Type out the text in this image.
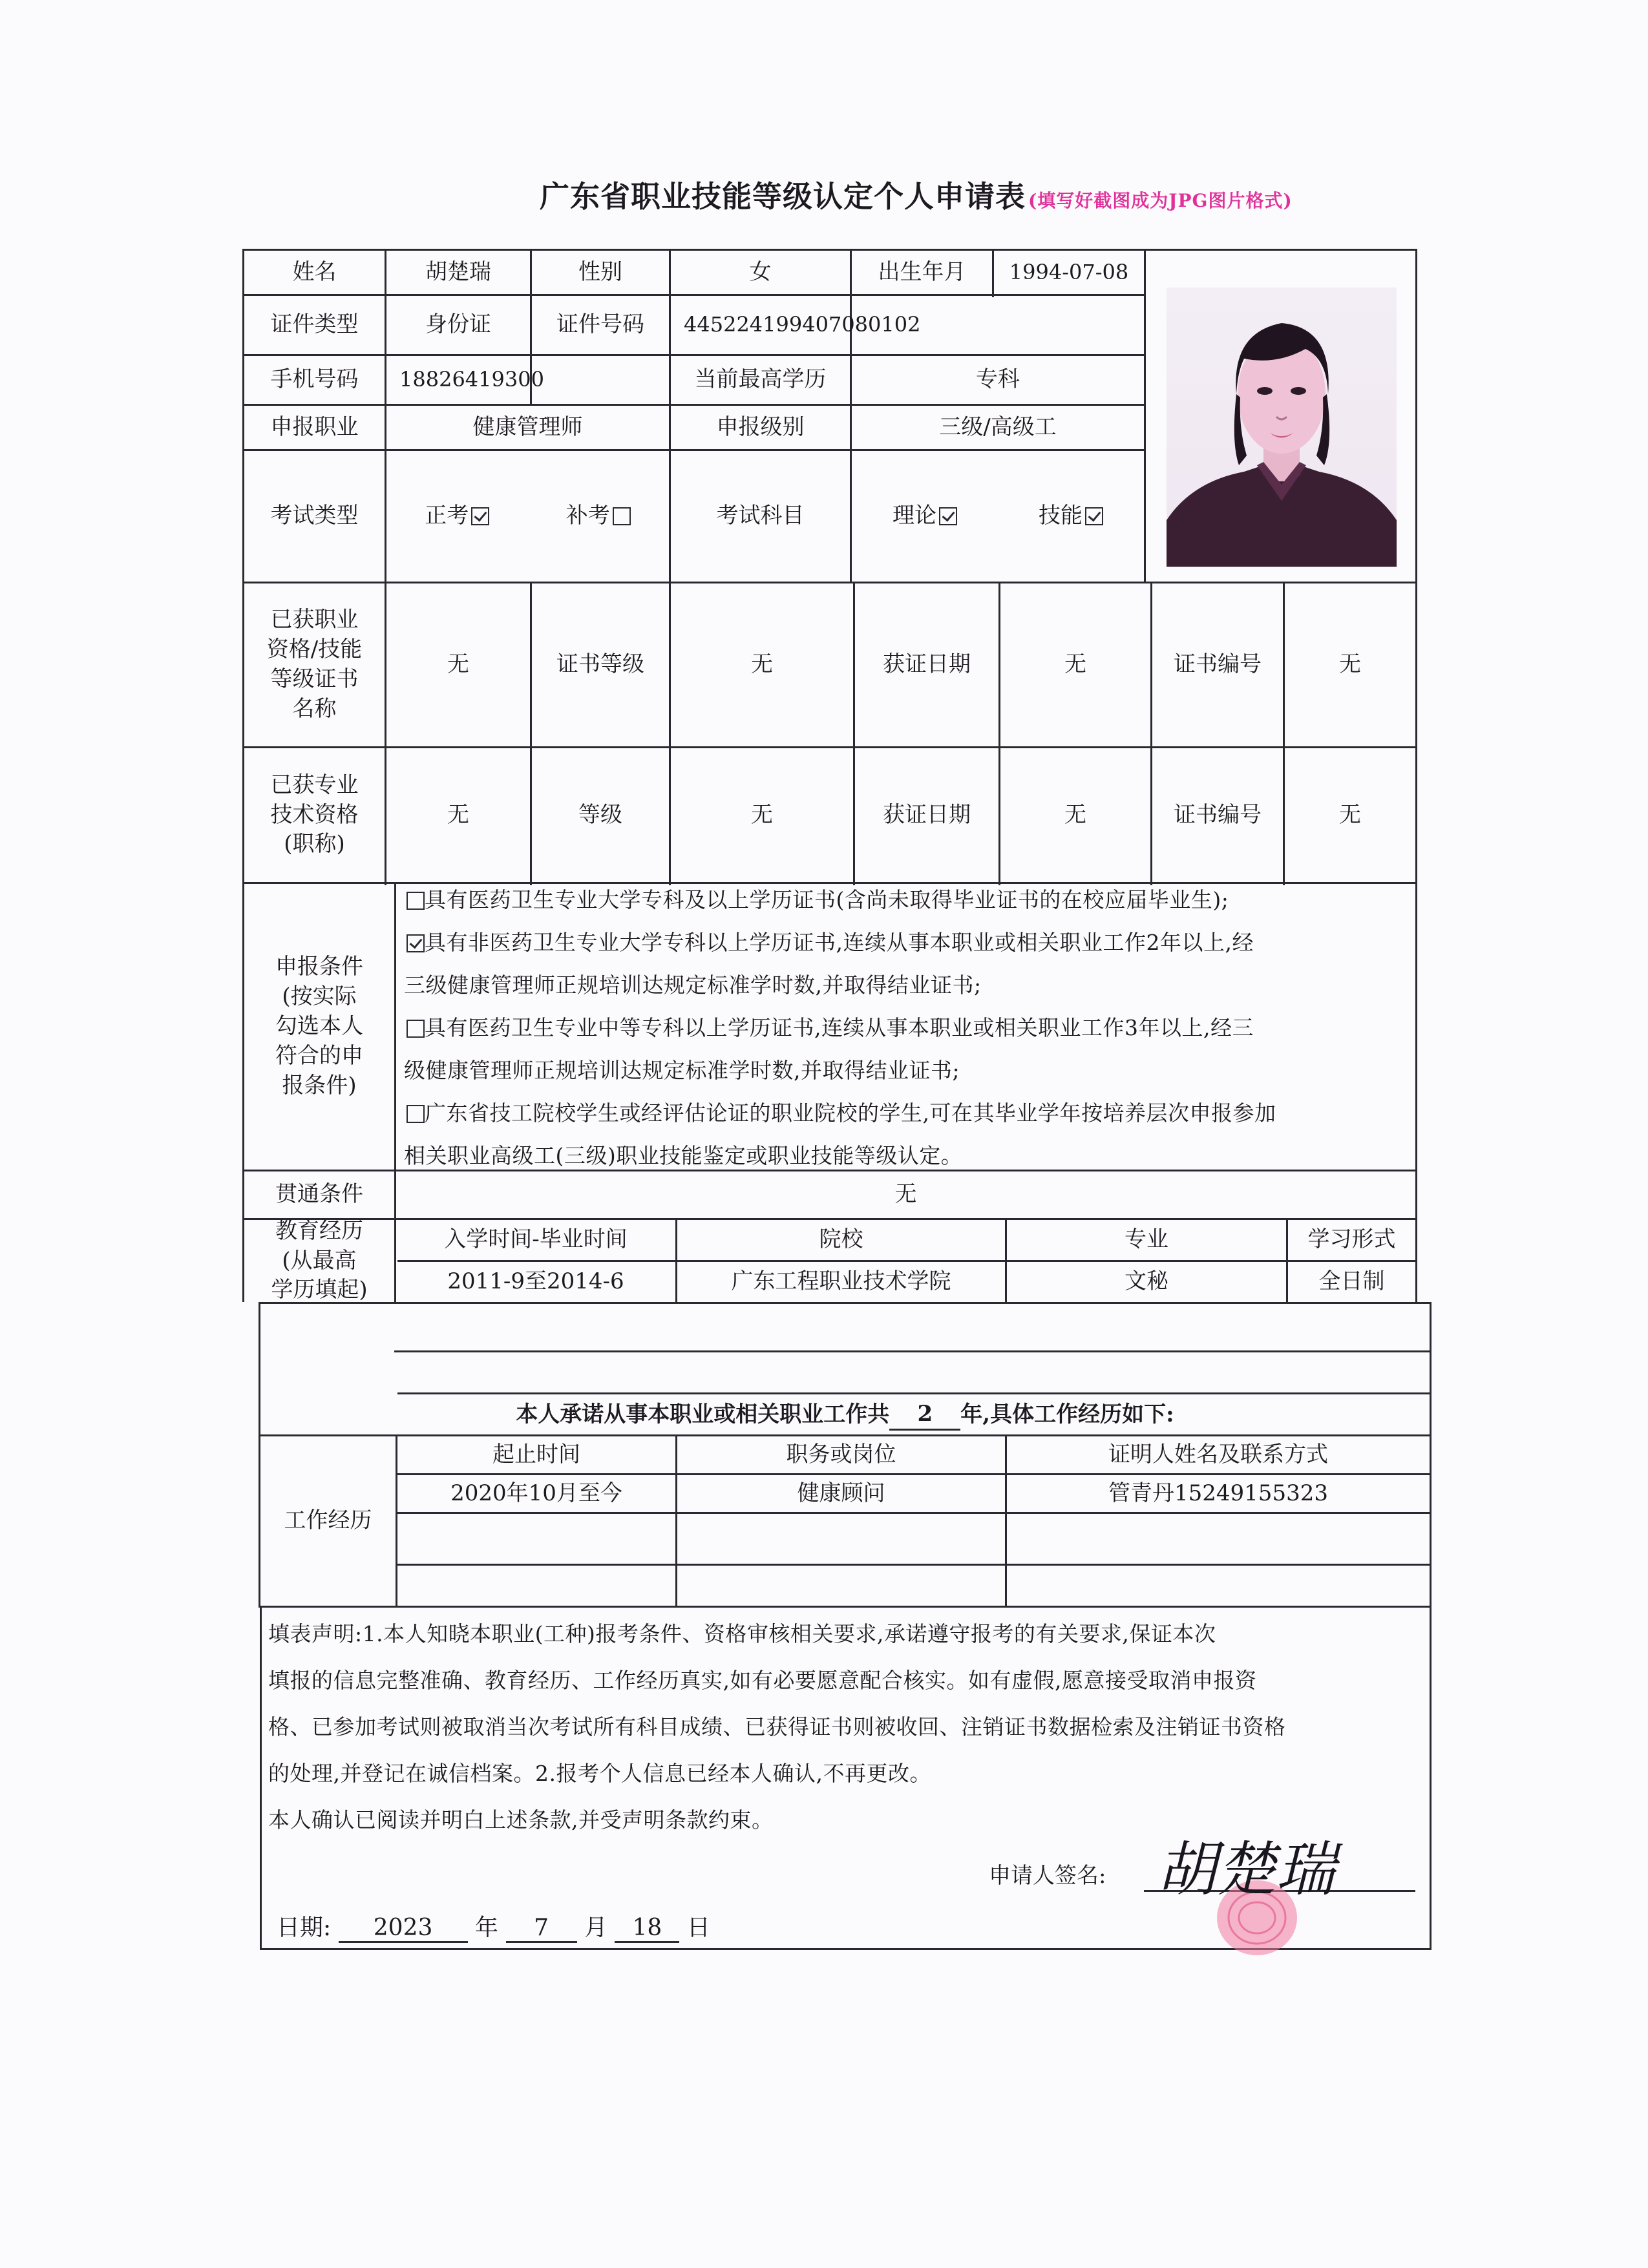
广东省职业技能等级认定个人申请表 (填写好截图成为JPG图片格式)
姓名	胡楚瑞	性别	女	出生年月	1994-07-08
证件类型	身份证	证件号码	445224199407080102
手机号码	18826419300	当前最高学历	专科
申报职业	健康管理师	申报级别	三级/高级工
考试类型	正考	补考	考试科目	理论	技能
已获职业
资格/技能
等级证书
名称
无	证书等级	无	获证日期	无	证书编号	无
已获专业
技术资格
(职称)
无	等级	无	获证日期	无	证书编号	无
申报条件
(按实际
勾选本人
符合的申
报条件)
具有医药卫生专业大学专科及以上学历证书(含尚未取得毕业证书的在校应届毕业生);
具有非医药卫生专业大学专科以上学历证书,连续从事本职业或相关职业工作2年以上,经
三级健康管理师正规培训达规定标准学时数,并取得结业证书;
具有医药卫生专业中等专科以上学历证书,连续从事本职业或相关职业工作3年以上,经三
级健康管理师正规培训达规定标准学时数,并取得结业证书;
广东省技工院校学生或经评估论证的职业院校的学生,可在其毕业学年按培养层次申报参加
相关职业高级工(三级)职业技能鉴定或职业技能等级认定。
贯通条件	无
教育经历
(从最高
学历填起)
入学时间-毕业时间	院校	专业	学习形式
2011-9至2014-6	广东工程职业技术学院	文秘	全日制
本人承诺从事本职业或相关职业工作共	2	年,具体工作经历如下:
工作经历
起止时间	职务或岗位	证明人姓名及联系方式
2020年10月至今	健康顾问	管青丹15249155323
填表声明:1.本人知晓本职业(工种)报考条件、资格审核相关要求,承诺遵守报考的有关要求,保证本次
填报的信息完整准确、教育经历、工作经历真实,如有必要愿意配合核实。如有虚假,愿意接受取消申报资
格、已参加考试则被取消当次考试所有科目成绩、已获得证书则被收回、注销证书数据检索及注销证书资格
的处理,并登记在诚信档案。2.报考个人信息已经本人确认,不再更改。
本人确认已阅读并明白上述条款,并受声明条款约束。
申请人签名: 胡楚瑞
日期: 2023 年 7 月 18 日
